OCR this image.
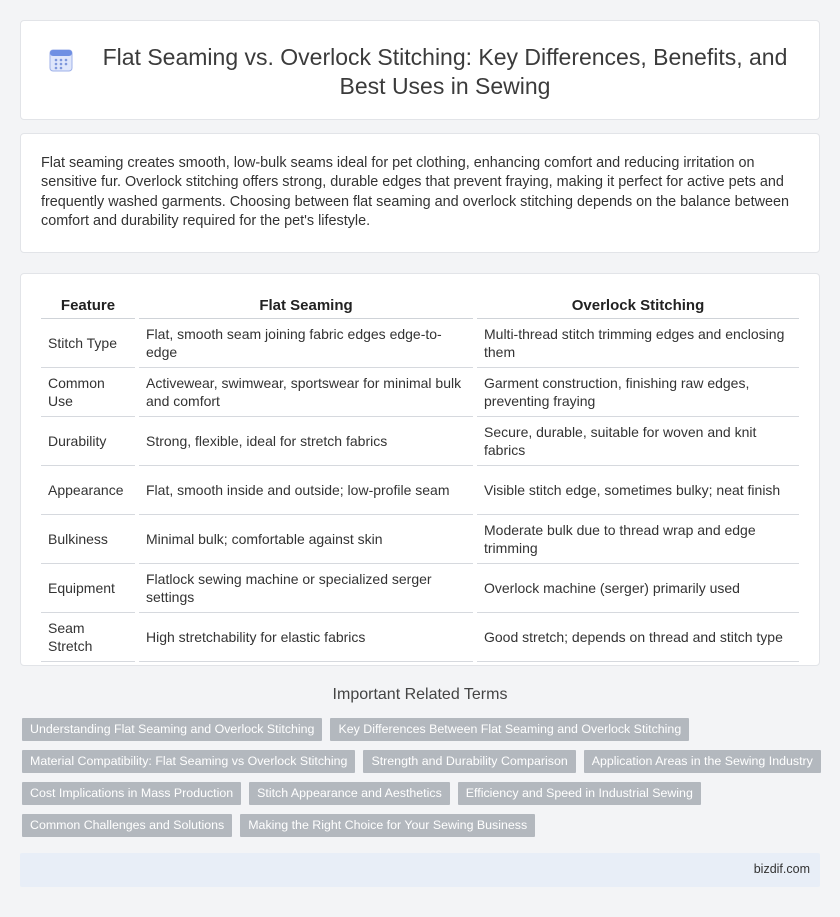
Flat Seaming vs. Overlock Stitching: Key Differences, Benefits, and Best Uses in Sewing

Flat seaming creates smooth, low-bulk seams ideal for pet clothing, enhancing comfort and reducing irritation on sensitive fur. Overlock stitching offers strong, durable edges that prevent fraying, making it perfect for active pets and frequently washed garments. Choosing between flat seaming and overlock stitching depends on the balance between comfort and durability required for the pet's lifestyle.

Feature	Flat Seaming	Overlock Stitching
Stitch Type	Flat, smooth seam joining fabric edges edge-to-edge	Multi-thread stitch trimming edges and enclosing them
Common Use	Activewear, swimwear, sportswear for minimal bulk and comfort	Garment construction, finishing raw edges, preventing fraying
Durability	Strong, flexible, ideal for stretch fabrics	Secure, durable, suitable for woven and knit fabrics
Appearance	Flat, smooth inside and outside; low-profile seam	Visible stitch edge, sometimes bulky; neat finish
Bulkiness	Minimal bulk; comfortable against skin	Moderate bulk due to thread wrap and edge trimming
Equipment	Flatlock sewing machine or specialized serger settings	Overlock machine (serger) primarily used
Seam Stretch	High stretchability for elastic fabrics	Good stretch; depends on thread and stitch type
Important Related Terms
Understanding Flat Seaming and Overlock Stitching	Key Differences Between Flat Seaming and Overlock Stitching
Material Compatibility: Flat Seaming vs Overlock Stitching	Strength and Durability Comparison	Application Areas in the Sewing Industry
Cost Implications in Mass Production	Stitch Appearance and Aesthetics	Efficiency and Speed in Industrial Sewing
Common Challenges and Solutions	Making the Right Choice for Your Sewing Business
bizdif.com
